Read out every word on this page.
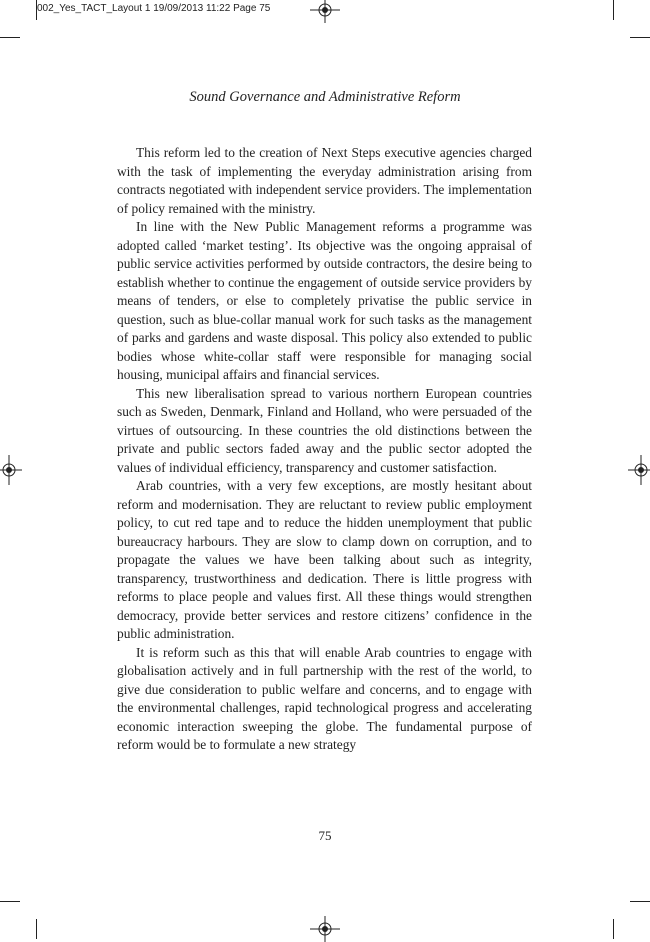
002_Yes_TACT_Layout 1 19/09/2013 11:22 Page 75
Sound Governance and Administrative Reform

This reform led to the creation of Next Steps executive agencies charged with the task of implementing the everyday administration arising from contracts negotiated with independent service providers. The implementation of policy remained with the ministry.

In line with the New Public Management reforms a programme was adopted called ‘market testing’. Its objective was the ongoing appraisal of public service activities performed by outside contractors, the desire being to establish whether to continue the engagement of outside service providers by means of tenders, or else to completely privatise the public service in question, such as blue-collar manual work for such tasks as the management of parks and gardens and waste disposal. This policy also extended to public bodies whose white-collar staff were responsible for managing social housing, municipal affairs and financial services.

This new liberalisation spread to various northern European countries such as Sweden, Denmark, Finland and Holland, who were persuaded of the virtues of outsourcing. In these countries the old distinctions between the private and public sectors faded away and the public sector adopted the values of individual efficiency, transparency and customer satisfaction.

Arab countries, with a very few exceptions, are mostly hesitant about reform and modernisation. They are reluctant to review public employment policy, to cut red tape and to reduce the hidden unemployment that public bureaucracy harbours. They are slow to clamp down on corruption, and to propagate the values we have been talking about such as integrity, transparency, trustworthiness and dedication. There is little progress with reforms to place people and values first. All these things would strengthen democracy, provide better services and restore citizens’ confidence in the public administration.

It is reform such as this that will enable Arab countries to engage with globalisation actively and in full partnership with the rest of the world, to give due consideration to public welfare and concerns, and to engage with the environmental challenges, rapid technological progress and accelerating economic interaction sweeping the globe. The fundamental purpose of reform would be to formulate a new strategy

75
